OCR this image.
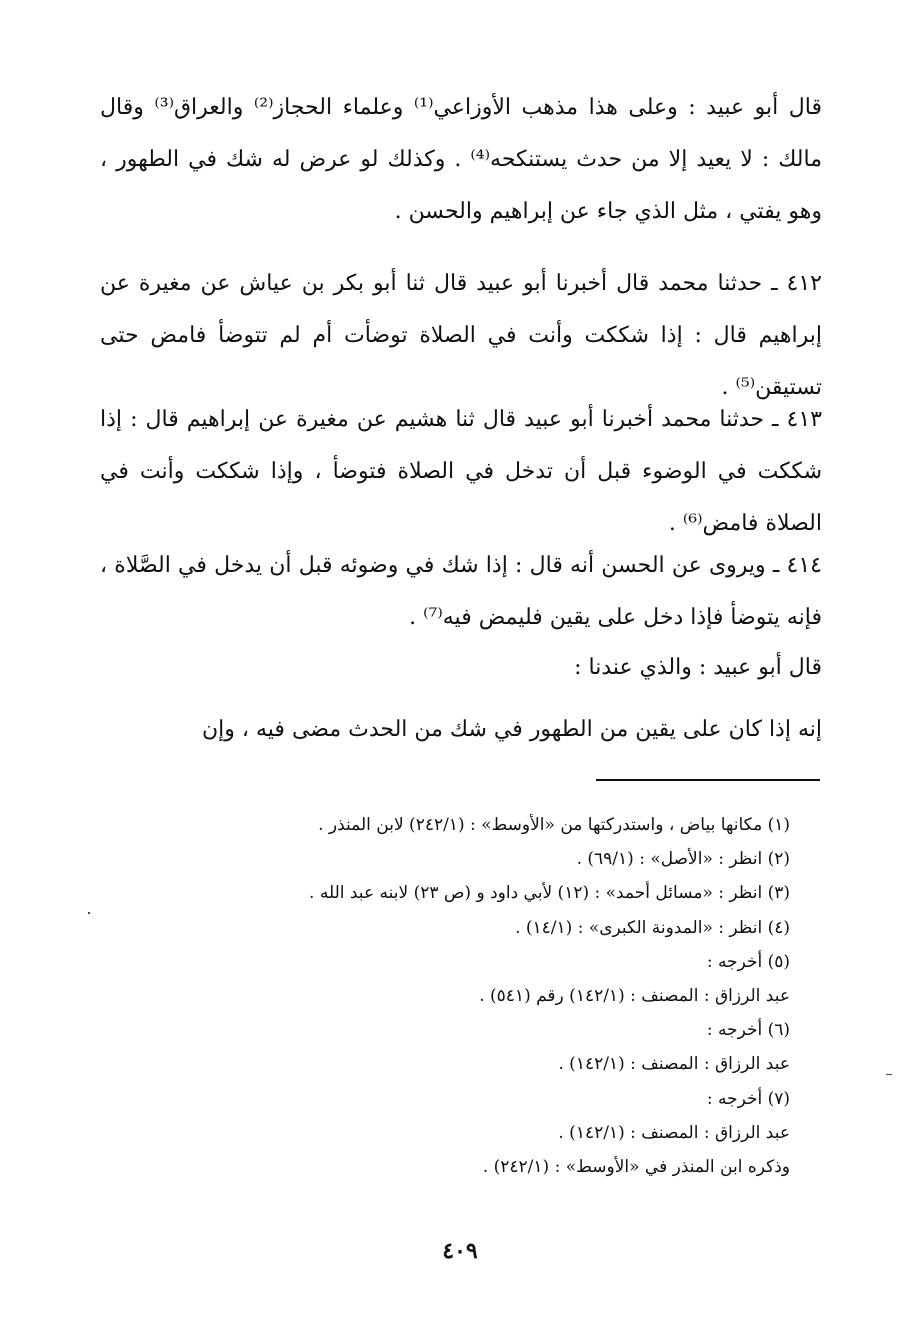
قال أبو عبيد : وعلى هذا مذهب الأوزاعي⁽¹⁾ وعلماء الحجاز⁽²⁾ والعراق⁽³⁾ وقال مالك : لا يعيد إلا من حدث يستنكحه⁽⁴⁾ . وكذلك لو عرض له شك في الطهور ، وهو يفتي ، مثل الذي جاء عن إبراهيم والحسن .

٤١٢ ـ حدثنا محمد قال أخبرنا أبو عبيد قال ثنا أبو بكر بن عياش عن مغيرة عن إبراهيم قال : إذا شككت وأنت في الصلاة توضأت أم لم تتوضأ فامض حتى تستيقن⁽⁵⁾ .

٤١٣ ـ حدثنا محمد أخبرنا أبو عبيد قال ثنا هشيم عن مغيرة عن إبراهيم قال : إذا شككت في الوضوء قبل أن تدخل في الصلاة فتوضأ ، وإذا شككت وأنت في الصلاة فامض⁽⁶⁾ .

٤١٤ ـ ويروى عن الحسن أنه قال : إذا شك في وضوئه قبل أن يدخل في الصَّلاة ، فإنه يتوضأ فإذا دخل على يقين فليمض فيه⁽⁷⁾ .

قال أبو عبيد : والذي عندنا :

إنه إذا كان على يقين من الطهور في شك من الحدث مضى فيه ، وإن

(١) مكانها بياض ، واستدركتها من «الأوسط» : (٢٤٢/١) لابن المنذر .
(٢) انظر : «الأصل» : (٦٩/١) .
(٣) انظر : «مسائل أحمد» : (١٢) لأبي داود و (ص ٢٣) لابنه عبد الله .
(٤) انظر : «المدونة الكبرى» : (١٤/١) .
(٥) أخرجه :
عبد الرزاق : المصنف : (١٤٢/١) رقم (٥٤١) .
(٦) أخرجه :
عبد الرزاق : المصنف : (١٤٢/١) .
(٧) أخرجه :
عبد الرزاق : المصنف : (١٤٢/١) .
وذكره ابن المنذر في «الأوسط» : (٢٤٢/١) .
٤٠٩
